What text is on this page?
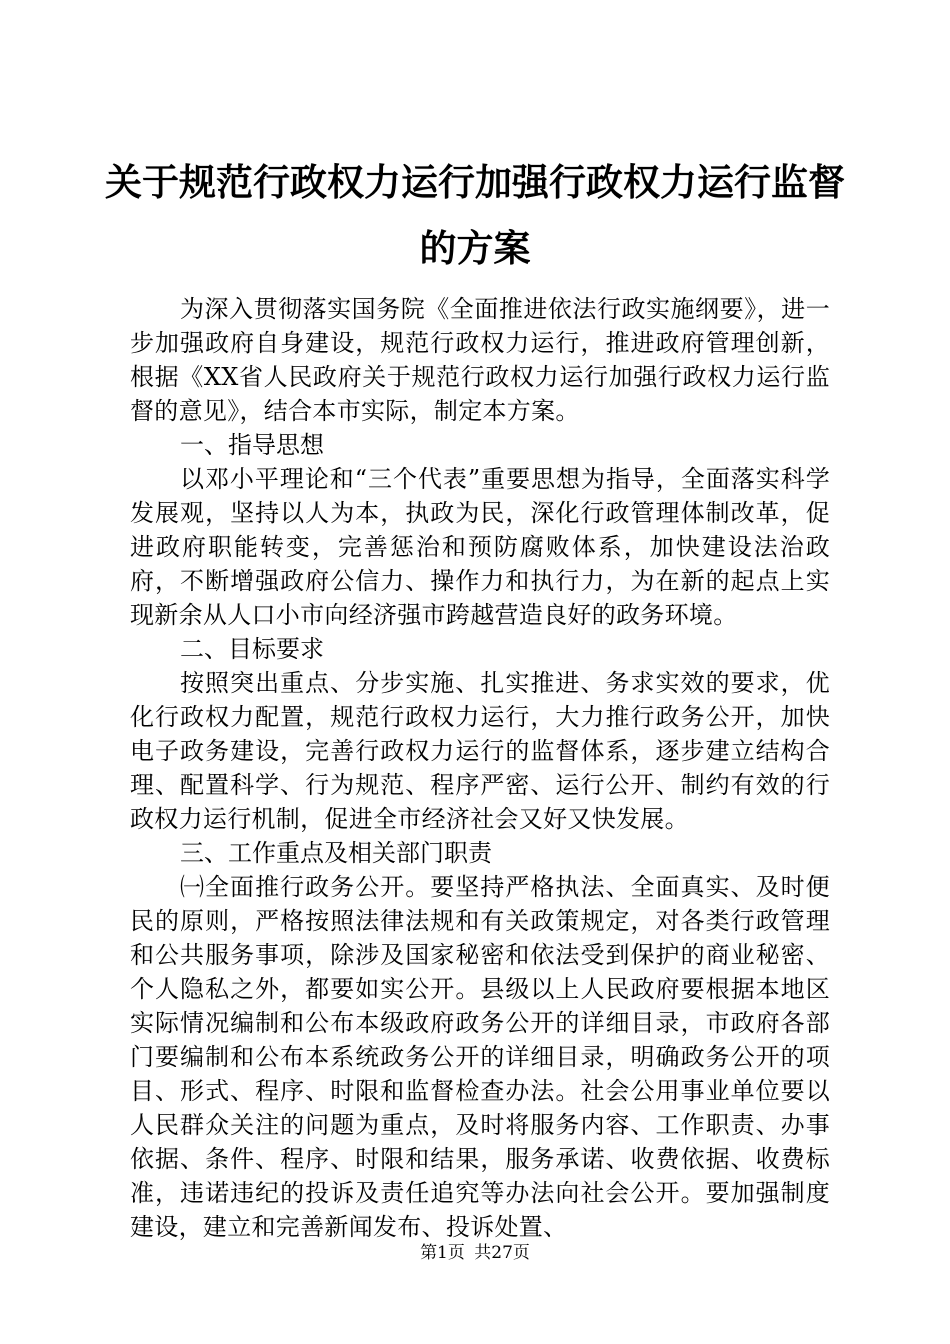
关于规范行政权力运行加强行政权力运行监督
的方案

为深入贯彻落实国务院《全面推进依法行政实施纲要》，进一步加强政府自身建设，规范行政权力运行，推进政府管理创新，根据《XX省人民政府关于规范行政权力运行加强行政权力运行监督的意见》，结合本市实际，制定本方案。

一、指导思想

以邓小平理论和“三个代表”重要思想为指导，全面落实科学发展观，坚持以人为本，执政为民，深化行政管理体制改革，促进政府职能转变，完善惩治和预防腐败体系，加快建设法治政府，不断增强政府公信力、操作力和执行力，为在新的起点上实现新余从人口小市向经济强市跨越营造良好的政务环境。

二、目标要求

按照突出重点、分步实施、扎实推进、务求实效的要求，优化行政权力配置，规范行政权力运行，大力推行政务公开，加快电子政务建设，完善行政权力运行的监督体系，逐步建立结构合理、配置科学、行为规范、程序严密、运行公开、制约有效的行政权力运行机制，促进全市经济社会又好又快发展。

三、工作重点及相关部门职责

㈠全面推行政务公开。要坚持严格执法、全面真实、及时便民的原则，严格按照法律法规和有关政策规定，对各类行政管理和公共服务事项，除涉及国家秘密和依法受到保护的商业秘密、个人隐私之外，都要如实公开。县级以上人民政府要根据本地区实际情况编制和公布本级政府政务公开的详细目录，市政府各部门要编制和公布本系统政务公开的详细目录，明确政务公开的项目、形式、程序、时限和监督检查办法。社会公用事业单位要以人民群众关注的问题为重点，及时将服务内容、工作职责、办事依据、条件、程序、时限和结果，服务承诺、收费依据、收费标准，违诺违纪的投诉及责任追究等办法向社会公开。要加强制度建设，建立和完善新闻发布、投诉处置、

第1页 共27页
